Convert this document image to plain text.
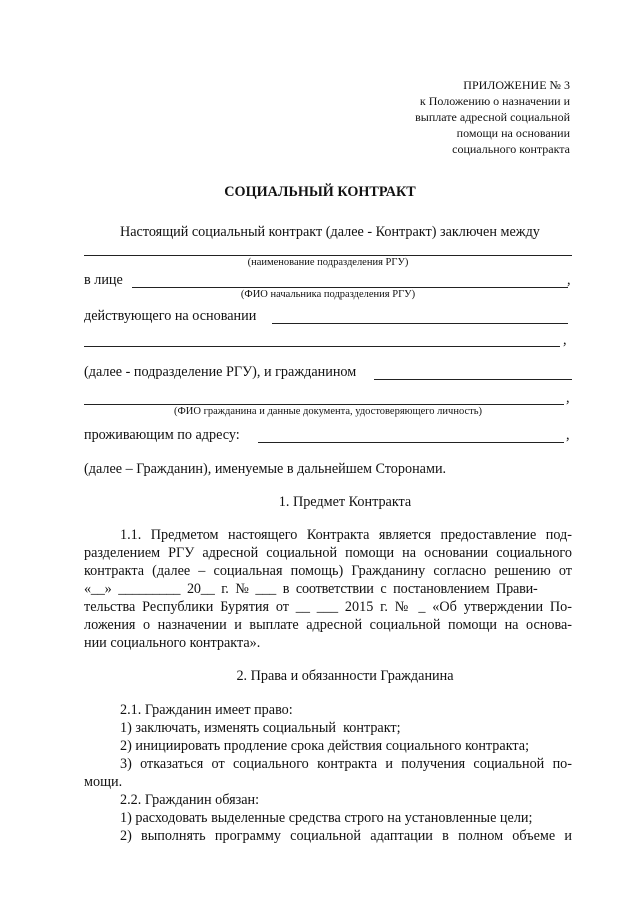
ПРИЛОЖЕНИЕ № 3
к Положению о назначении и
выплате адресной социальной
помощи на основании
социального контракта
СОЦИАЛЬНЫЙ КОНТРАКТ
Настоящий социальный контракт (далее - Контракт) заключен между
(наименование подразделения РГУ)
в лице	,
(ФИО начальника подразделения РГУ)
действующего на основании
,
(далее - подразделение РГУ), и гражданином
,
(ФИО гражданина и данные документа, удостоверяющего личность)
проживающим по адресу:	,
(далее – Гражданин), именуемые в дальнейшем Сторонами.
1. Предмет Контракта
1.1. Предметом настоящего Контракта является предоставление под-
разделением РГУ адресной социальной помощи на основании социального
контракта (далее – социальная помощь) Гражданину согласно решению от
«__»  _________  20__  г.  №  ___  в  соответствии  с  постановлением  Прави-
тельства Республики Бурятия от __ ___ 2015 г. № _ «Об утверждении По-
ложения о назначении и выплате адресной социальной помощи на основа-
нии социального контракта».
2. Права и обязанности Гражданина
2.1. Гражданин имеет право:
1) заключать, изменять социальный  контракт;
2) инициировать продление срока действия социального контракта;
3) отказаться от социального контракта и получения социальной по-
мощи.
2.2. Гражданин обязан:
1) расходовать выделенные средства строго на установленные цели;
2) выполнять программу социальной адаптации в полном объеме и
